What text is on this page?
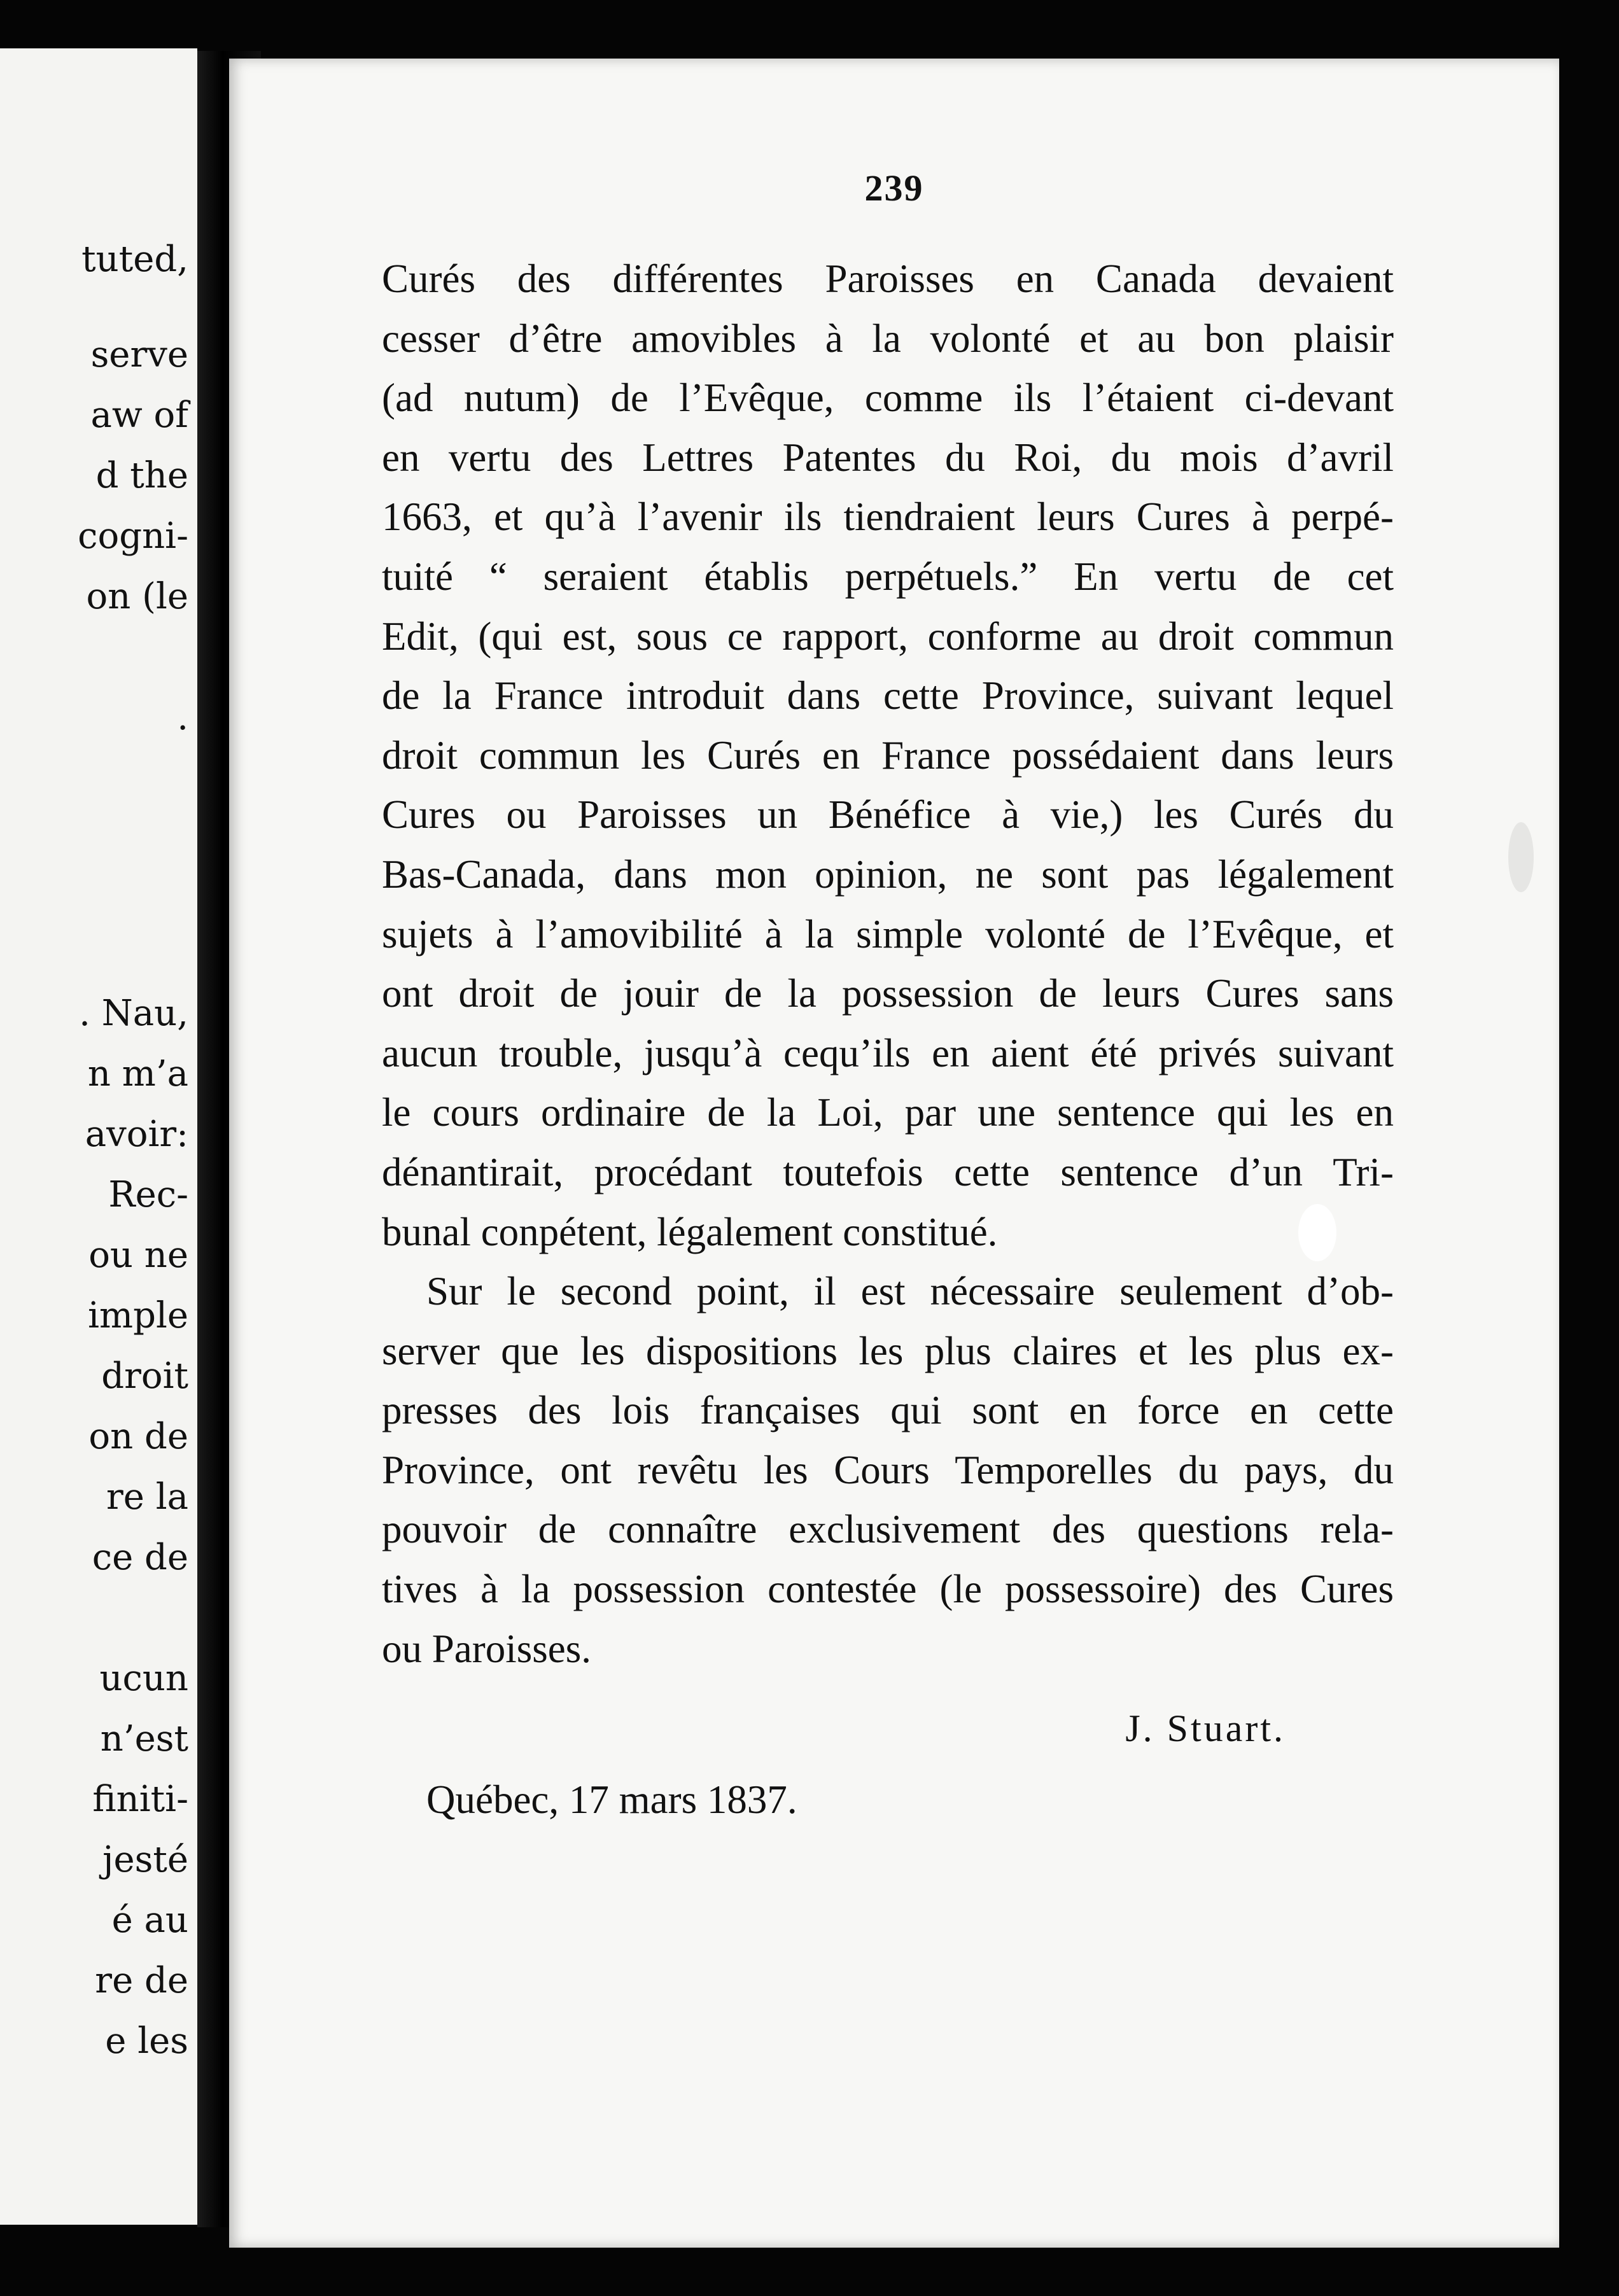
tuted,
serve
aw of
d the
cogni-
on (le
.
. Nau,
n m’a
avoir:
Rec-
ou ne
imple
droit
on de
re la
ce de
ucun
n’est
finiti-
jesté
é au
re de
e les
239
Curés des différentes Paroisses en Canada devaient
cesser d’être amovibles à la volonté et au bon plaisir
(ad nutum) de l’Evêque, comme ils l’étaient ci-devant
en vertu des Lettres Patentes du Roi, du mois d’avril
1663, et qu’à l’avenir ils tiendraient leurs Cures à perpé-
tuité “ seraient établis perpétuels.” En vertu de cet
Edit, (qui est, sous ce rapport, conforme au droit commun
de la France introduit dans cette Province, suivant lequel
droit commun les Curés en France possédaient dans leurs
Cures ou Paroisses un Bénéfice à vie,) les Curés du
Bas-Canada, dans mon opinion, ne sont pas légalement
sujets à l’amovibilité à la simple volonté de l’Evêque, et
ont droit de jouir de la possession de leurs Cures sans
aucun trouble, jusqu’à cequ’ils en aient été privés suivant
le cours ordinaire de la Loi, par une sentence qui les en
dénantirait, procédant toutefois cette sentence d’un Tri-
bunal conpétent, légalement constitué.
Sur le second point, il est nécessaire seulement d’ob-
server que les dispositions les plus claires et les plus ex-
presses des lois françaises qui sont en force en cette
Province, ont revêtu les Cours Temporelles du pays, du
pouvoir de connaître exclusivement des questions rela-
tives à la possession contestée (le possessoire) des Cures
ou Paroisses.
J. Stuart.
Québec, 17 mars 1837.
